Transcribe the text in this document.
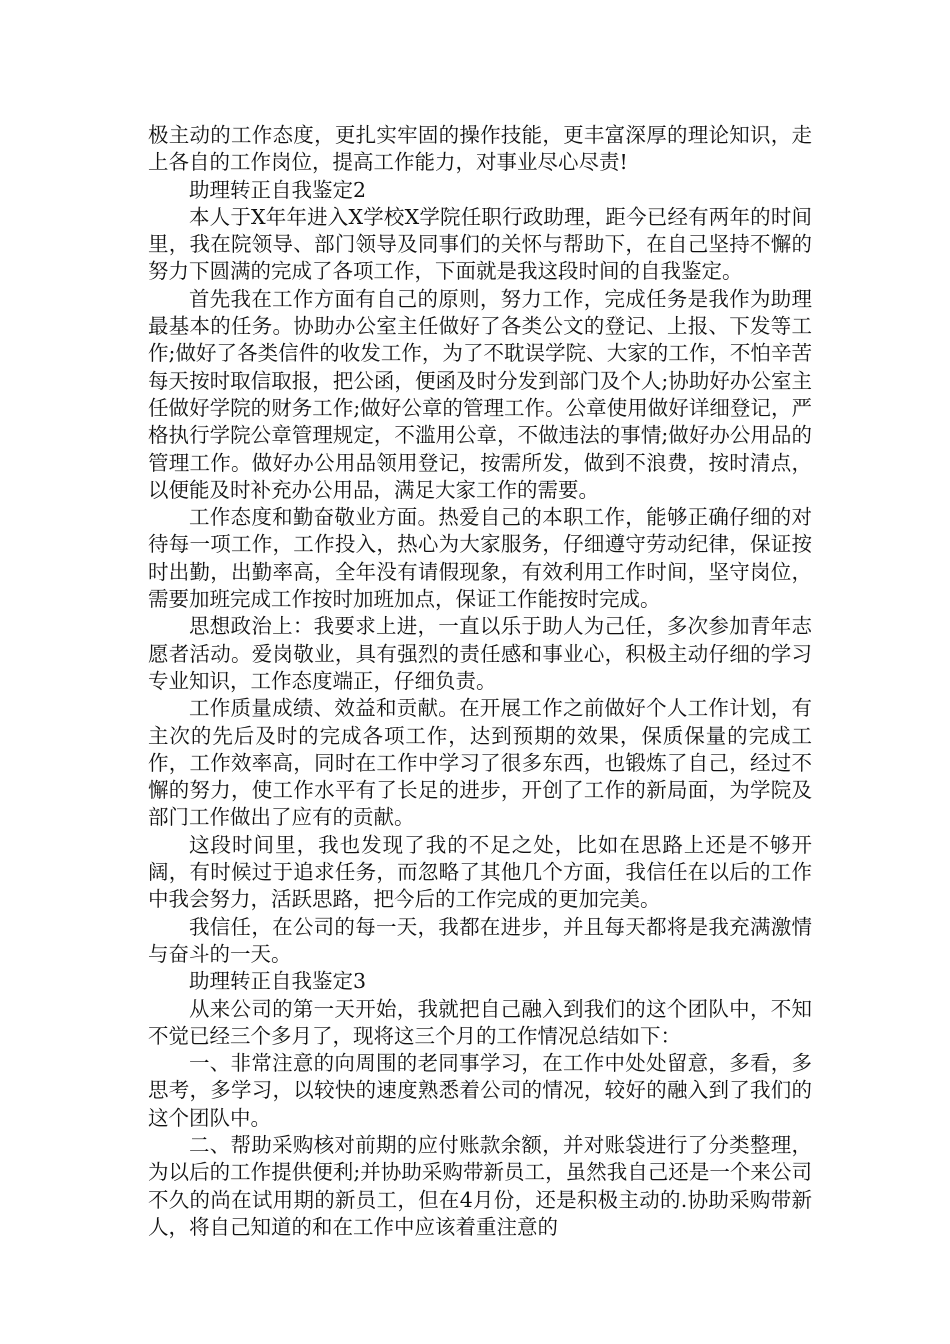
极主动的工作态度，更扎实牢固的操作技能，更丰富深厚的理论知识，走上各自的工作岗位，提高工作能力，对事业尽心尽责!

助理转正自我鉴定2

本人于X年年进入X学校X学院任职行政助理，距今已经有两年的时间里，我在院领导、部门领导及同事们的关怀与帮助下，在自己坚持不懈的努力下圆满的完成了各项工作，下面就是我这段时间的自我鉴定。

首先我在工作方面有自己的原则，努力工作，完成任务是我作为助理最基本的任务。协助办公室主任做好了各类公文的登记、上报、下发等工作;做好了各类信件的收发工作，为了不耽误学院、大家的工作，不怕辛苦每天按时取信取报，把公函，便函及时分发到部门及个人;协助好办公室主任做好学院的财务工作;做好公章的管理工作。公章使用做好详细登记，严格执行学院公章管理规定，不滥用公章，不做违法的事情;做好办公用品的管理工作。做好办公用品领用登记，按需所发，做到不浪费，按时清点，以便能及时补充办公用品，满足大家工作的需要。

工作态度和勤奋敬业方面。热爱自己的本职工作，能够正确仔细的对待每一项工作，工作投入，热心为大家服务，仔细遵守劳动纪律，保证按时出勤，出勤率高，全年没有请假现象，有效利用工作时间，坚守岗位，需要加班完成工作按时加班加点，保证工作能按时完成。

思想政治上：我要求上进，一直以乐于助人为己任，多次参加青年志愿者活动。爱岗敬业，具有强烈的责任感和事业心，积极主动仔细的学习专业知识，工作态度端正，仔细负责。

工作质量成绩、效益和贡献。在开展工作之前做好个人工作计划，有主次的先后及时的完成各项工作，达到预期的效果，保质保量的完成工作，工作效率高，同时在工作中学习了很多东西，也锻炼了自己，经过不懈的努力，使工作水平有了长足的进步，开创了工作的新局面，为学院及部门工作做出了应有的贡献。

这段时间里，我也发现了我的不足之处，比如在思路上还是不够开阔，有时候过于追求任务，而忽略了其他几个方面，我信任在以后的工作中我会努力，活跃思路，把今后的工作完成的更加完美。

我信任，在公司的每一天，我都在进步，并且每天都将是我充满激情与奋斗的一天。

助理转正自我鉴定3

从来公司的第一天开始，我就把自己融入到我们的这个团队中，不知不觉已经三个多月了，现将这三个月的工作情况总结如下：

一、非常注意的向周围的老同事学习，在工作中处处留意，多看，多思考，多学习，以较快的速度熟悉着公司的情况，较好的融入到了我们的这个团队中。

二、帮助采购核对前期的应付账款余额，并对账袋进行了分类整理，为以后的工作提供便利;并协助采购带新员工，虽然我自己还是一个来公司不久的尚在试用期的新员工，但在4月份，还是积极主动的.协助采购带新人，将自己知道的和在工作中应该着重注意的
